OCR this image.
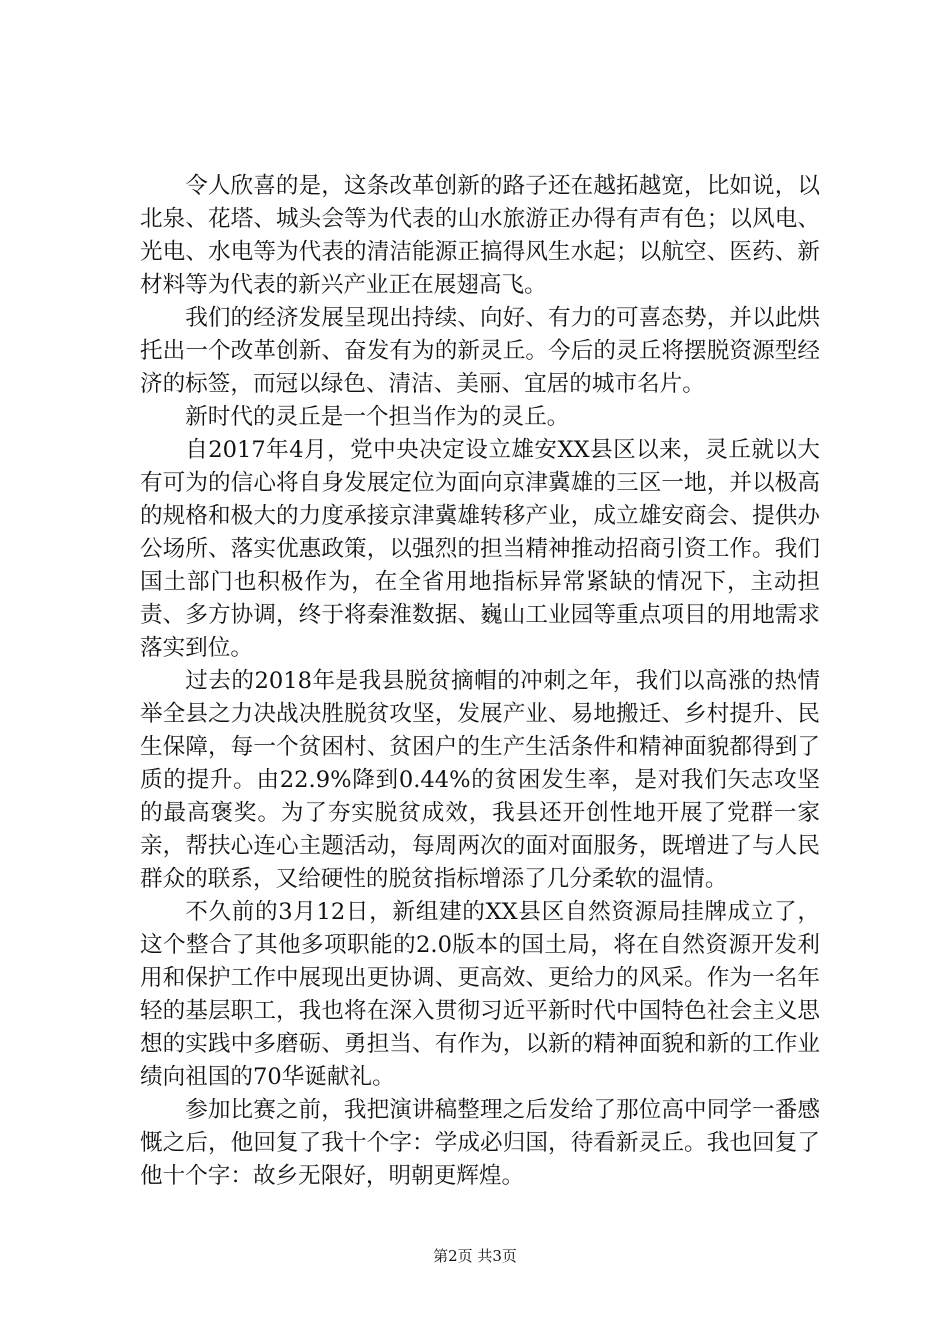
令人欣喜的是，这条改革创新的路子还在越拓越宽，比如说，以北泉、花塔、城头会等为代表的山水旅游正办得有声有色；以风电、光电、水电等为代表的清洁能源正搞得风生水起；以航空、医药、新材料等为代表的新兴产业正在展翅高飞。

我们的经济发展呈现出持续、向好、有力的可喜态势，并以此烘托出一个改革创新、奋发有为的新灵丘。今后的灵丘将摆脱资源型经济的标签，而冠以绿色、清洁、美丽、宜居的城市名片。

新时代的灵丘是一个担当作为的灵丘。

自2017年4月，党中央决定设立雄安XX县区以来，灵丘就以大有可为的信心将自身发展定位为面向京津冀雄的三区一地，并以极高的规格和极大的力度承接京津冀雄转移产业，成立雄安商会、提供办公场所、落实优惠政策，以强烈的担当精神推动招商引资工作。我们国土部门也积极作为，在全省用地指标异常紧缺的情况下，主动担责、多方协调，终于将秦淮数据、巍山工业园等重点项目的用地需求落实到位。

过去的2018年是我县脱贫摘帽的冲刺之年，我们以高涨的热情举全县之力决战决胜脱贫攻坚，发展产业、易地搬迁、乡村提升、民生保障，每一个贫困村、贫困户的生产生活条件和精神面貌都得到了质的提升。由22.9%降到0.44%的贫困发生率，是对我们矢志攻坚的最高褒奖。为了夯实脱贫成效，我县还开创性地开展了党群一家亲，帮扶心连心主题活动，每周两次的面对面服务，既增进了与人民群众的联系，又给硬性的脱贫指标增添了几分柔软的温情。

不久前的3月12日，新组建的XX县区自然资源局挂牌成立了，这个整合了其他多项职能的2.0版本的国土局，将在自然资源开发利用和保护工作中展现出更协调、更高效、更给力的风采。作为一名年轻的基层职工，我也将在深入贯彻习近平新时代中国特色社会主义思想的实践中多磨砺、勇担当、有作为，以新的精神面貌和新的工作业绩向祖国的70华诞献礼。

参加比赛之前，我把演讲稿整理之后发给了那位高中同学一番感慨之后，他回复了我十个字：学成必归国，待看新灵丘。我也回复了他十个字：故乡无限好，明朝更辉煌。

第2页 共3页
